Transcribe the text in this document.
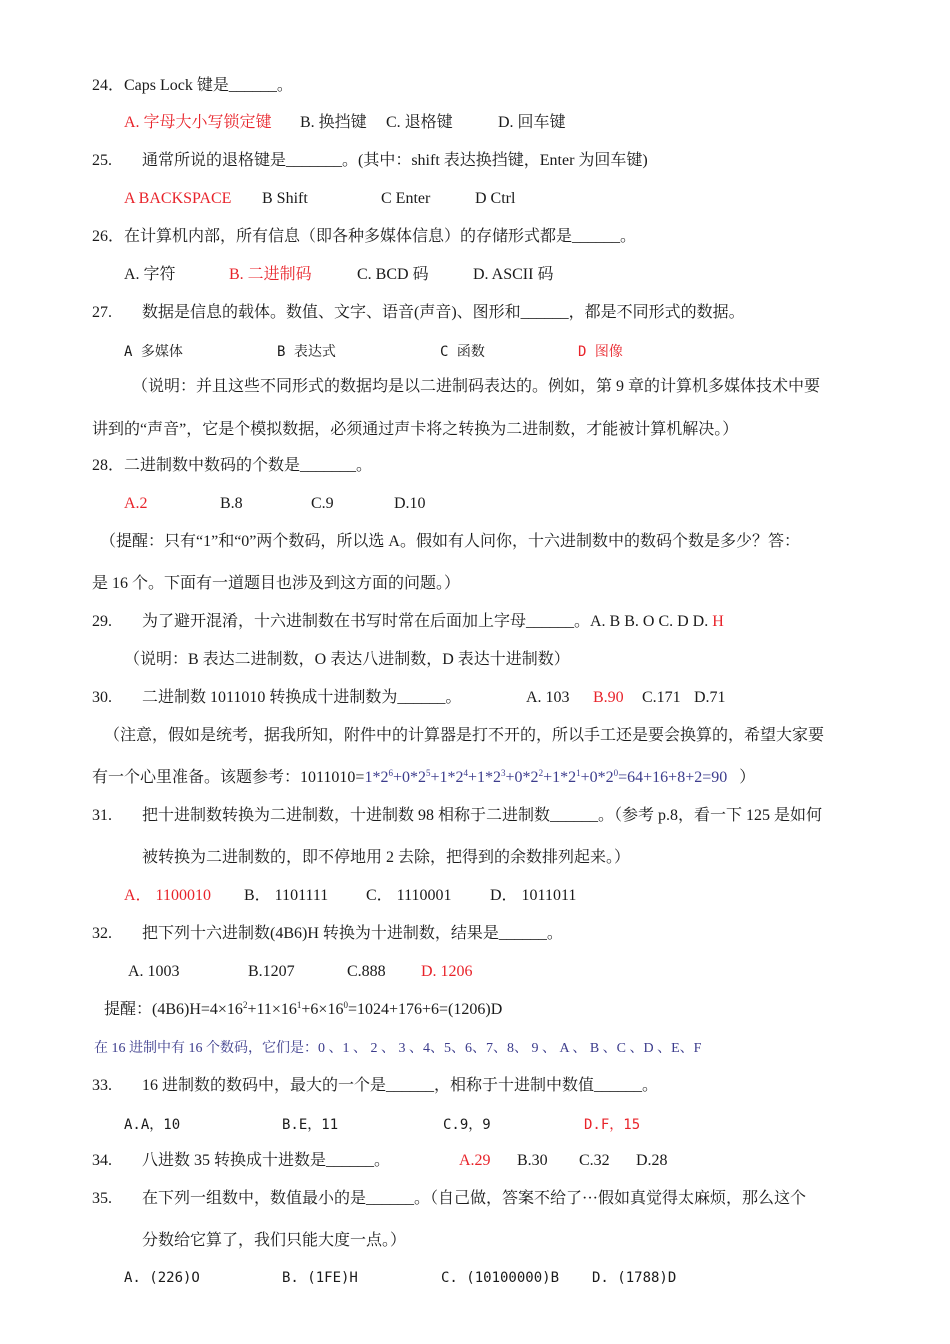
24．Caps Lock 键是______。
A. 字母大小写锁定键 B. 换挡键 C. 退格键	D. 回车键
25. 通常所说的退格键是_______。(其中：shift 表达换挡键，Enter 为回车键)
A BACKSPACE B Shift	C Enter	D Ctrl
26．在计算机内部，所有信息（即各种多媒体信息）的存储形式都是______。
A. 字符	B. 二进制码	C. BCD 码	D. ASCII 码
27. 数据是信息的载体。数值、文字、语音(声音)、图形和______，都是不同形式的数据。
A 多媒体	B 表达式	C 函数	D 图像
（说明：并且这些不同形式的数据均是以二进制码表达的。例如，第 9 章的计算机多媒体技术中要
讲到的“声音”，它是个模拟数据，必须通过声卡将之转换为二进制数，才能被计算机解决。）
28．二进制数中数码的个数是_______。
A.2	B.8	C.9	D.10
（提醒：只有“1”和“0”两个数码，所以选 A。假如有人问你，十六进制数中的数码个数是多少？答：
是 16 个。下面有一道题目也涉及到这方面的问题。）
29. 为了避开混淆，十六进制数在书写时常在后面加上字母______。A. B B. O C. D D. H
（说明：B 表达二进制数，O 表达八进制数，D 表达十进制数）
30. 二进制数 1011010 转换成十进制数为______。	A. 103 B.90 C.171 D.71
（注意，假如是统考，据我所知，附件中的计算器是打不开的，所以手工还是要会换算的，希望大家要
有一个心里准备。该题参考：$1011010=1*2^6+0*2^5+1*2^4+1*2^3+0*2^2+1*2^1+0*2^0=64+16+8+2=90$ ）
31. 把十进制数转换为二进制数，十进制数 98 相称于二进制数______。（参考 p.8，看一下 125 是如何
被转换为二进制数的，即不停地用 2 去除，把得到的余数排列起来。）
A． 1100010 B． 1101111 C． 1110001 D． 1011011
32. 把下列十六进制数(4B6)H 转换为十进制数，结果是______。
A. 1003	B.1207	C.888 D. 1206
提醒：$(4B6)H=4\times 16^2+11\times 16^1+6\times 16^0=1024+176+6=(1206)D$
在 16 进制中有 16 个数码，它们是：0 、1 、 2 、 3 、4、5、6、7、8、 9 、 A 、 B 、C 、D 、E、F
33. 16 进制数的数码中，最大的一个是______，相称于十进制中数值______。
A.A，10	B.E，11	C.9，9	D.F，15
34. 八进数 35 转换成十进数是______。	A.29 B.30 C.32 D.28
35. 在下列一组数中，数值最小的是______。（自己做，答案不给了···假如真觉得太麻烦，那么这个
分数给它算了，我们只能大度一点。）
A. (226)O	B. (1FE)H	C. (10100000)B D. (1788)D
